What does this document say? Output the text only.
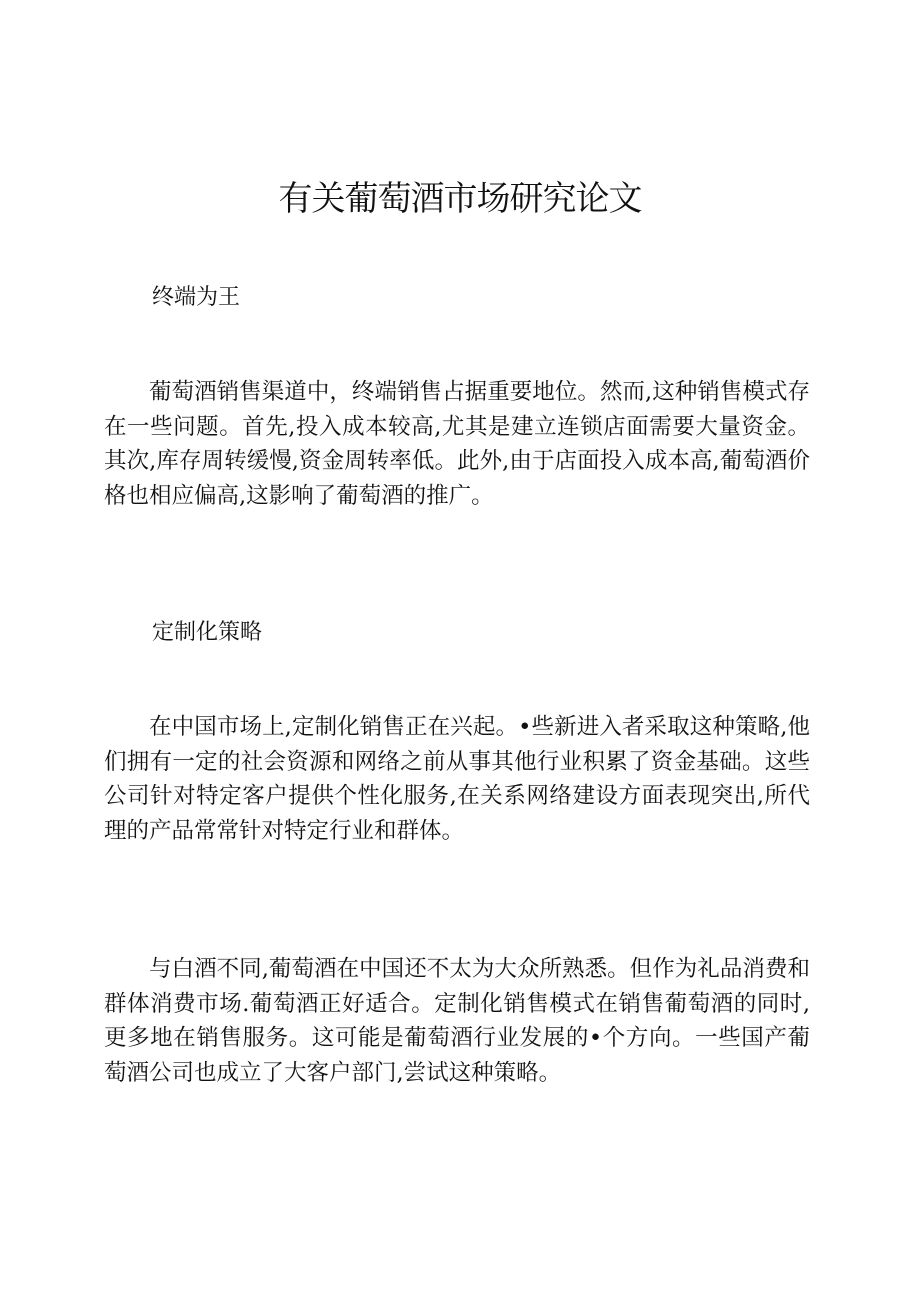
有关葡萄酒市场研究论文
终端为王

葡萄酒销售渠道中，终端销售占据重要地位。然而,这种销售模式存在一些问题。首先,投入成本较高,尤其是建立连锁店面需要大量资金。其次,库存周转缓慢,资金周转率低。此外,由于店面投入成本高,葡萄酒价格也相应偏高,这影响了葡萄酒的推广。

定制化策略

在中国市场上,定制化销售正在兴起。•些新进入者采取这种策略,他们拥有一定的社会资源和网络之前从事其他行业积累了资金基础。这些公司针对特定客户提供个性化服务,在关系网络建设方面表现突出,所代理的产品常常针对特定行业和群体。

与白酒不同,葡萄酒在中国还不太为大众所熟悉。但作为礼品消费和群体消费市场.葡萄酒正好适合。定制化销售模式在销售葡萄酒的同时,更多地在销售服务。这可能是葡萄酒行业发展的•个方向。一些国产葡萄酒公司也成立了大客户部门,尝试这种策略。
